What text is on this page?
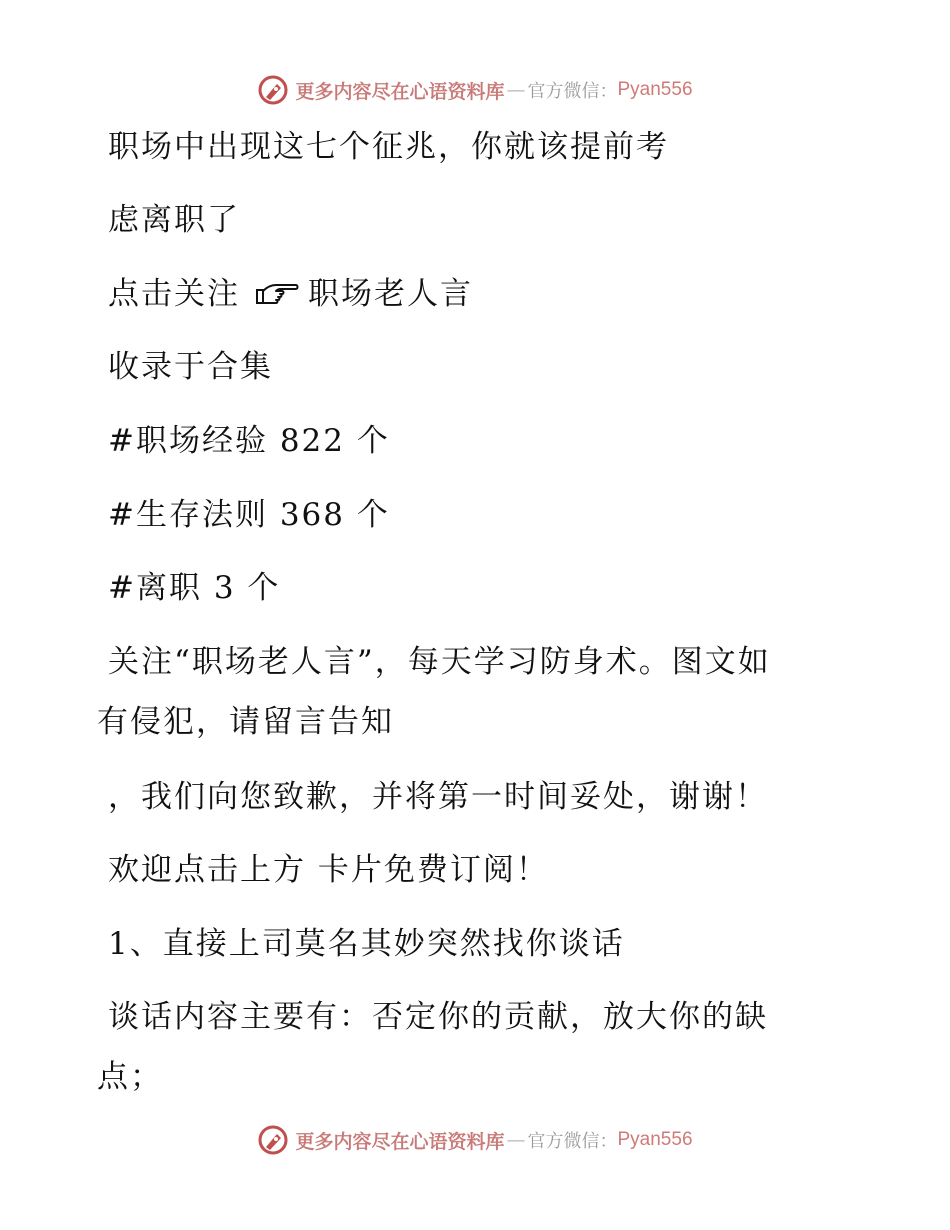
更多内容尽在心语资料库 — 官方微信： Pyan556
职场中出现这七个征兆，你就该提前考
虑离职了
点击关注 职场老人言
收录于合集
#职场经验 822 个
#生存法则 368 个
#离职 3 个
关注“职场老人言”，每天学习防身术。图文如
有侵犯，请留言告知
，我们向您致歉，并将第一时间妥处，谢谢！
欢迎点击上方 卡片免费订阅！
1、直接上司莫名其妙突然找你谈话
谈话内容主要有：否定你的贡献，放大你的缺
点；
更多内容尽在心语资料库 — 官方微信： Pyan556
